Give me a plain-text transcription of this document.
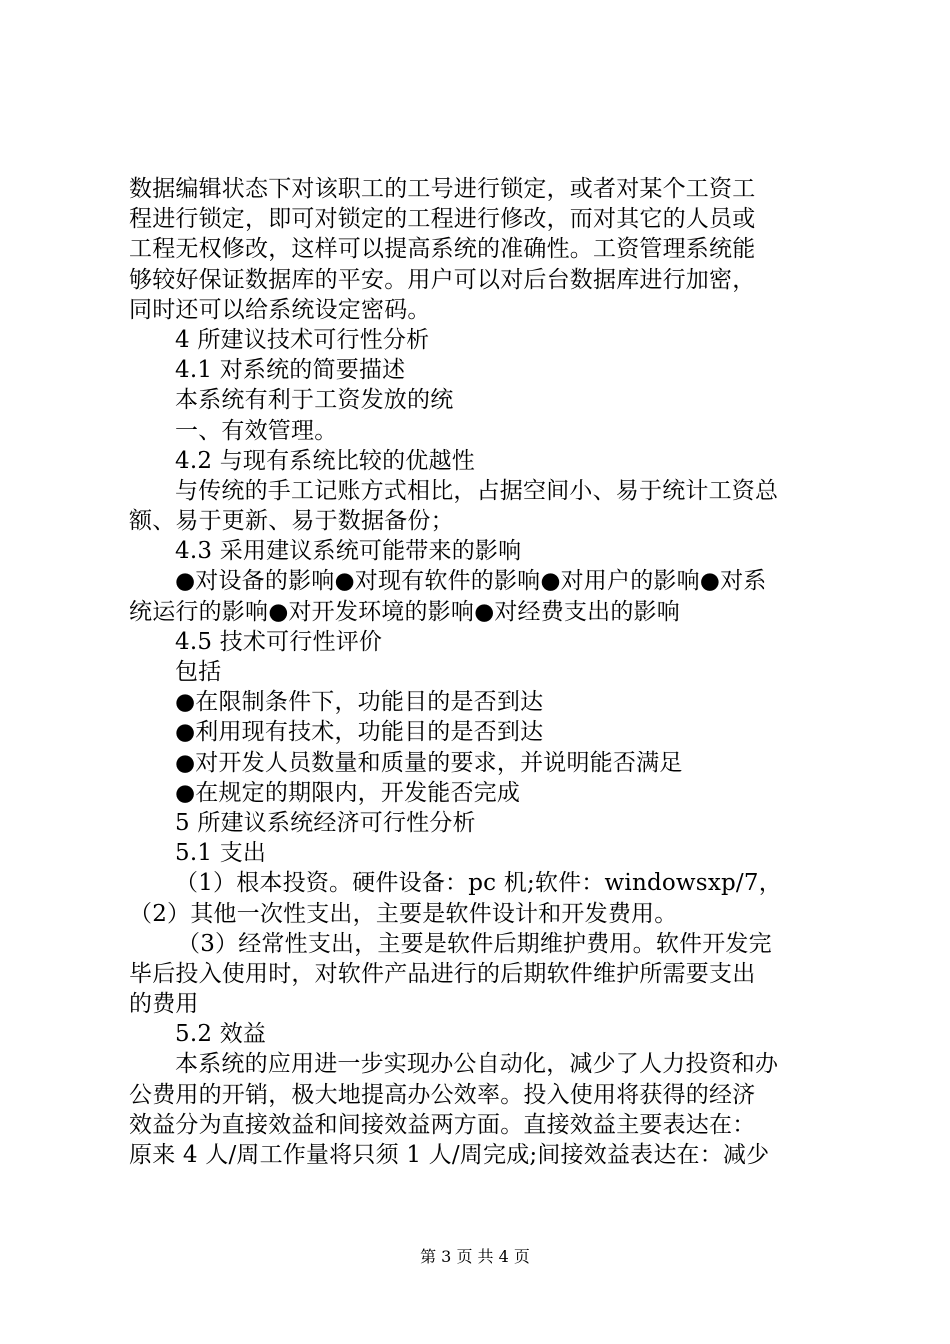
数据编辑状态下对该职工的工号进行锁定，或者对某个工资工
程进行锁定，即可对锁定的工程进行修改，而对其它的人员或
工程无权修改，这样可以提高系统的准确性。工资管理系统能
够较好保证数据库的平安。用户可以对后台数据库进行加密，
同时还可以给系统设定密码。
4 所建议技术可行性分析
4.1 对系统的简要描述
本系统有利于工资发放的统
一、有效管理。
4.2 与现有系统比较的优越性
与传统的手工记账方式相比，占据空间小、易于统计工资总
额、易于更新、易于数据备份；
4.3 采用建议系统可能带来的影响
●对设备的影响●对现有软件的影响●对用户的影响●对系
统运行的影响●对开发环境的影响●对经费支出的影响
4.5 技术可行性评价
包括
●在限制条件下，功能目的是否到达
●利用现有技术，功能目的是否到达
●对开发人员数量和质量的要求，并说明能否满足
●在规定的期限内，开发能否完成
5 所建议系统经济可行性分析
5.1 支出
（1）根本投资。硬件设备：pc 机;软件：windowsxp/7，
（2）其他一次性支出，主要是软件设计和开发费用。
（3）经常性支出，主要是软件后期维护费用。软件开发完
毕后投入使用时，对软件产品进行的后期软件维护所需要支出
的费用
5.2 效益
本系统的应用进一步实现办公自动化，减少了人力投资和办
公费用的开销，极大地提高办公效率。投入使用将获得的经济
效益分为直接效益和间接效益两方面。直接效益主要表达在：
原来 4 人/周工作量将只须 1 人/周完成;间接效益表达在：减少
第 3 页 共 4 页
